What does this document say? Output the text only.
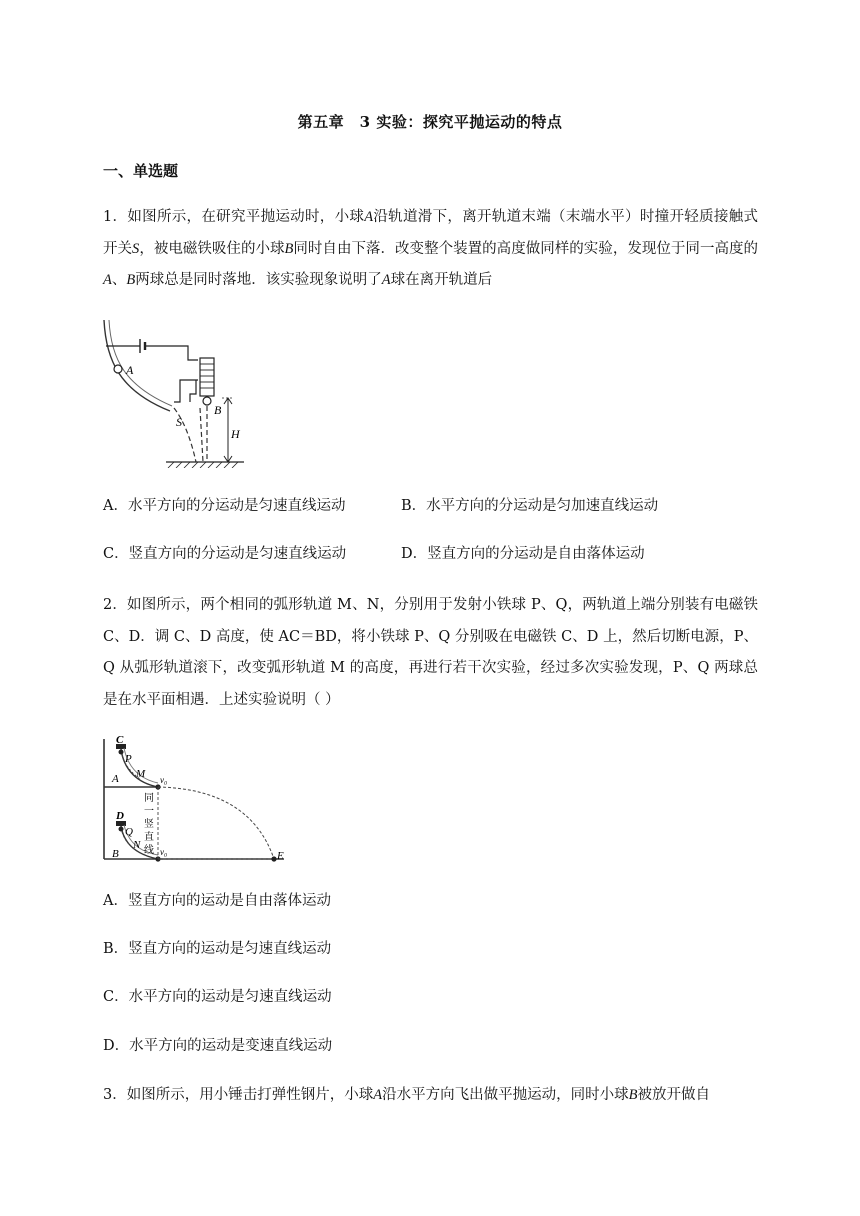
第五章　3 实验：探究平抛运动的特点
一、单选题
1．如图所示，在研究平抛运动时，小球A沿轨道滑下，离开轨道末端（末端水平）时撞开轻质接触式开关S，被电磁铁吸住的小球B同时自由下落．改变整个装置的高度做同样的实验，发现位于同一高度的A、B两球总是同时落地．该实验现象说明了A球在离开轨道后
A
B
S
H
A．水平方向的分运动是匀速直线运动	B．水平方向的分运动是匀加速直线运动
C．竖直方向的分运动是匀速直线运动	D．竖直方向的分运动是自由落体运动
2．如图所示，两个相同的弧形轨道 M、N，分别用于发射小铁球 P、Q，两轨道上端分别装有电磁铁 C、D．调 C、D 高度，使 AC＝BD，将小铁球 P、Q 分别吸在电磁铁 C、D 上，然后切断电源，P、Q 从弧形轨道滚下，改变弧形轨道 M 的高度，再进行若干次实验，经过多次实验发现，P、Q 两球总是在水平面相遇．上述实验说明（ ）
C
P
A M v₀
D
Q
N
B	v₀	E
同
一
竖
直
线
A．竖直方向的运动是自由落体运动
B．竖直方向的运动是匀速直线运动
C．水平方向的运动是匀速直线运动
D．水平方向的运动是变速直线运动
3．如图所示，用小锤击打弹性钢片，小球A沿水平方向飞出做平抛运动，同时小球B被放开做自
